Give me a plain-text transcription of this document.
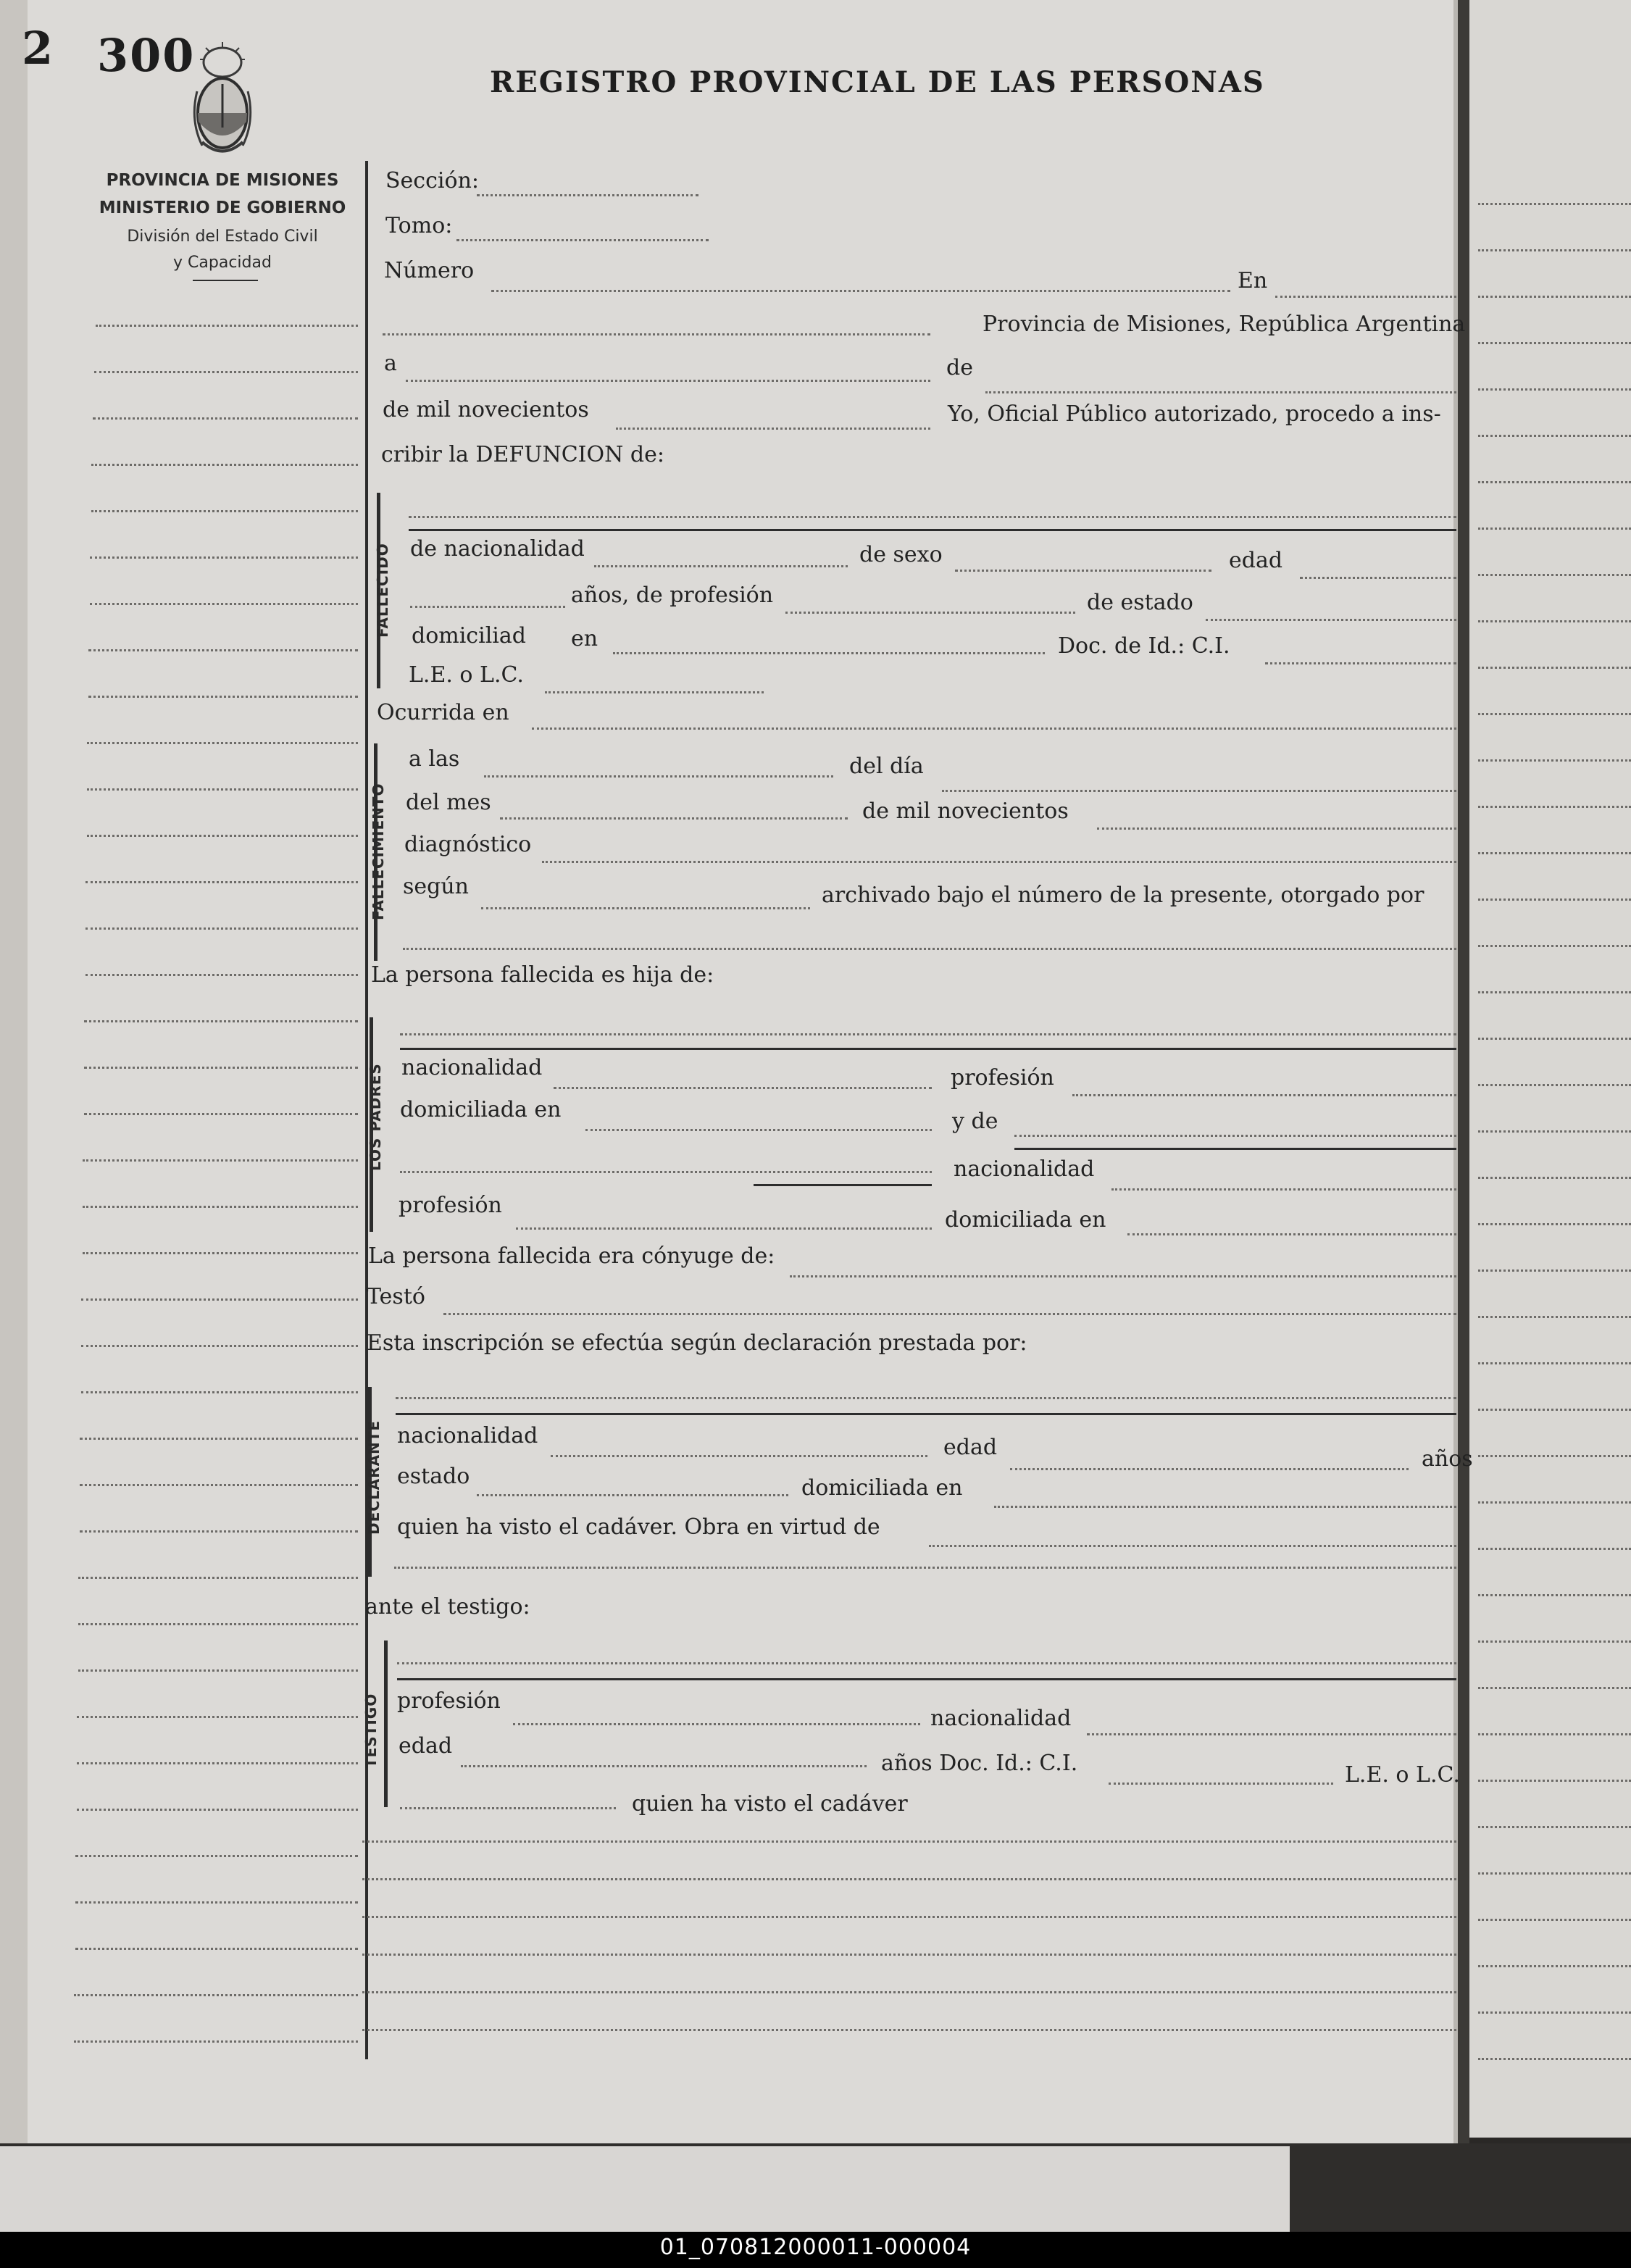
2 300
REGISTRO PROVINCIAL DE LAS PERSONAS
PROVINCIA DE MISIONES
MINISTERIO DE GOBIERNO
División del Estado Civil
y Capacidad
Sección:
Tomo:
Número	En
Provincia de Misiones, República Argentina
a	de
de mil novecientos	Yo, Oficial Público autorizado, procedo a ins-
cribir la DEFUNCION de:
FALLECIDO de nacionalidad	de sexo	edad
años, de profesión	de estado
domiciliad en	Doc. de Id.: C.I.
L.E. o L.C.
Ocurrida en
FALLECIMIENTO
a las	del día
del mes	de mil novecientos
diagnóstico
según	archivado bajo el número de la presente, otorgado por
La persona fallecida es hija de:
LOS PADRES nacionalidad	profesión
domiciliada en	y de
nacionalidad
profesión
domiciliada en
La persona fallecida era cónyuge de:
Testó
Esta inscripción se efectúa según declaración prestada por:
DECLARANTE nacionalidad	edad	años
estado	domiciliada en
quien ha visto el cadáver. Obra en virtud de
ante el testigo:
TESTIGO profesión
nacionalidad
edad
años Doc. Id.: C.I.	L.E. o L.C.
quien ha visto el cadáver
01_070812000011-000004
